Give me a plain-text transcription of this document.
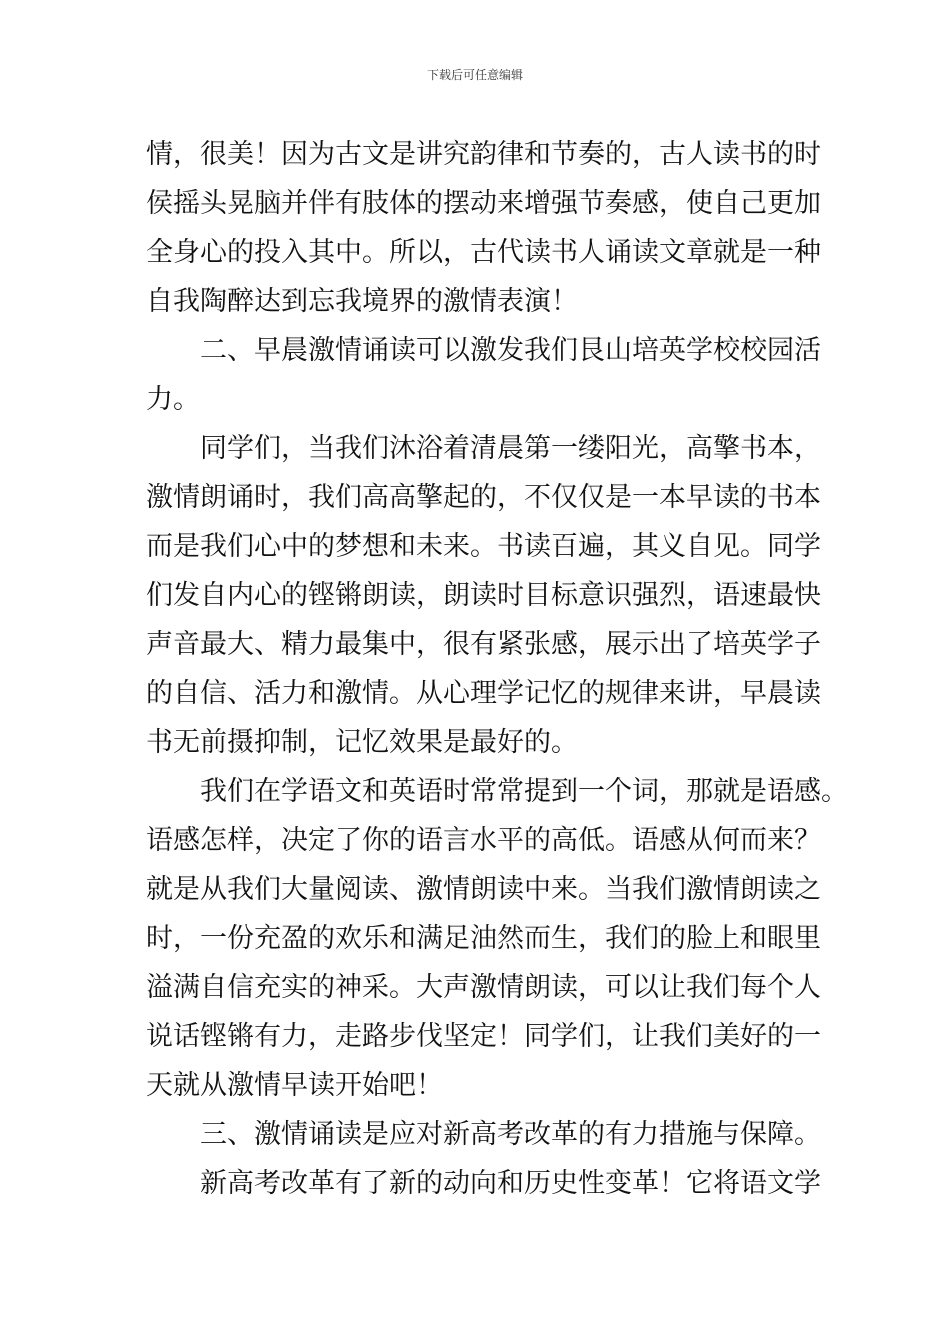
下载后可任意编辑

情，很美！因为古文是讲究韵律和节奏的，古人读书的时

侯摇头晃脑并伴有肢体的摆动来增强节奏感，使自己更加

全身心的投入其中。所以，古代读书人诵读文章就是一种

自我陶醉达到忘我境界的激情表演！

二、早晨激情诵读可以激发我们艮山培英学校校园活

力。

同学们，当我们沐浴着清晨第一缕阳光，高擎书本，

激情朗诵时，我们高高擎起的，不仅仅是一本早读的书本

而是我们心中的梦想和未来。书读百遍，其义自见。同学

们发自内心的铿锵朗读，朗读时目标意识强烈，语速最快

声音最大、精力最集中，很有紧张感，展示出了培英学子

的自信、活力和激情。从心理学记忆的规律来讲，早晨读

书无前摄抑制，记忆效果是最好的。

我们在学语文和英语时常常提到一个词，那就是语感。

语感怎样，决定了你的语言水平的高低。语感从何而来？

就是从我们大量阅读、激情朗读中来。当我们激情朗读之

时，一份充盈的欢乐和满足油然而生，我们的脸上和眼里

溢满自信充实的神采。大声激情朗读，可以让我们每个人

说话铿锵有力，走路步伐坚定！同学们，让我们美好的一

天就从激情早读开始吧！

三、激情诵读是应对新高考改革的有力措施与保障。

新高考改革有了新的动向和历史性变革！它将语文学
